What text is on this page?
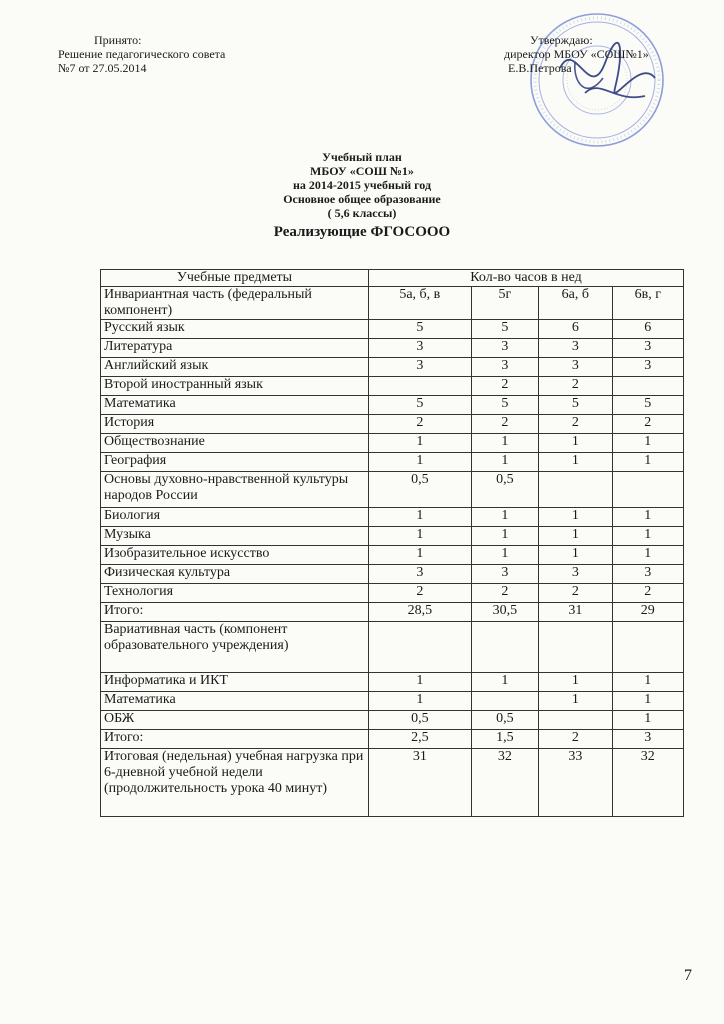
Принято:
Решение педагогического совета
№7 от 27.05.2014
Утверждаю:
директор МБОУ «СОШ№1»
Е.В.Петрова
Учебный план
МБОУ «СОШ №1»
на 2014-2015 учебный год
Основное общее образование
( 5,6 классы)
Реализующие ФГОСООО
Учебные предметы	Кол-во часов в нед			
Инвариантная часть (федеральный компонент)	5а, б, в	5г	6а, б	6в, г
Русский язык	5	5	6	6
Литература	3	3	3	3
Английский язык	3	3	3	3
Второй иностранный язык		2	2	
Математика	5	5	5	5
История	2	2	2	2
Обществознание	1	1	1	1
География	1	1	1	1
Основы духовно-нравственной культуры народов России	0,5	0,5		
Биология	1	1	1	1
Музыка	1	1	1	1
Изобразительное искусство	1	1	1	1
Физическая культура	3	3	3	3
Технология	2	2	2	2
Итого:	28,5	30,5	31	29
Вариативная часть (компонент образовательного учреждения)				
Информатика и ИКТ	1	1	1	1
Математика	1		1	1
ОБЖ	0,5	0,5		1
Итого:	2,5	1,5	2	3
Итоговая (недельная) учебная нагрузка при 6-дневной учебной недели (продолжительность урока 40 минут)	31	32	33	32
7
